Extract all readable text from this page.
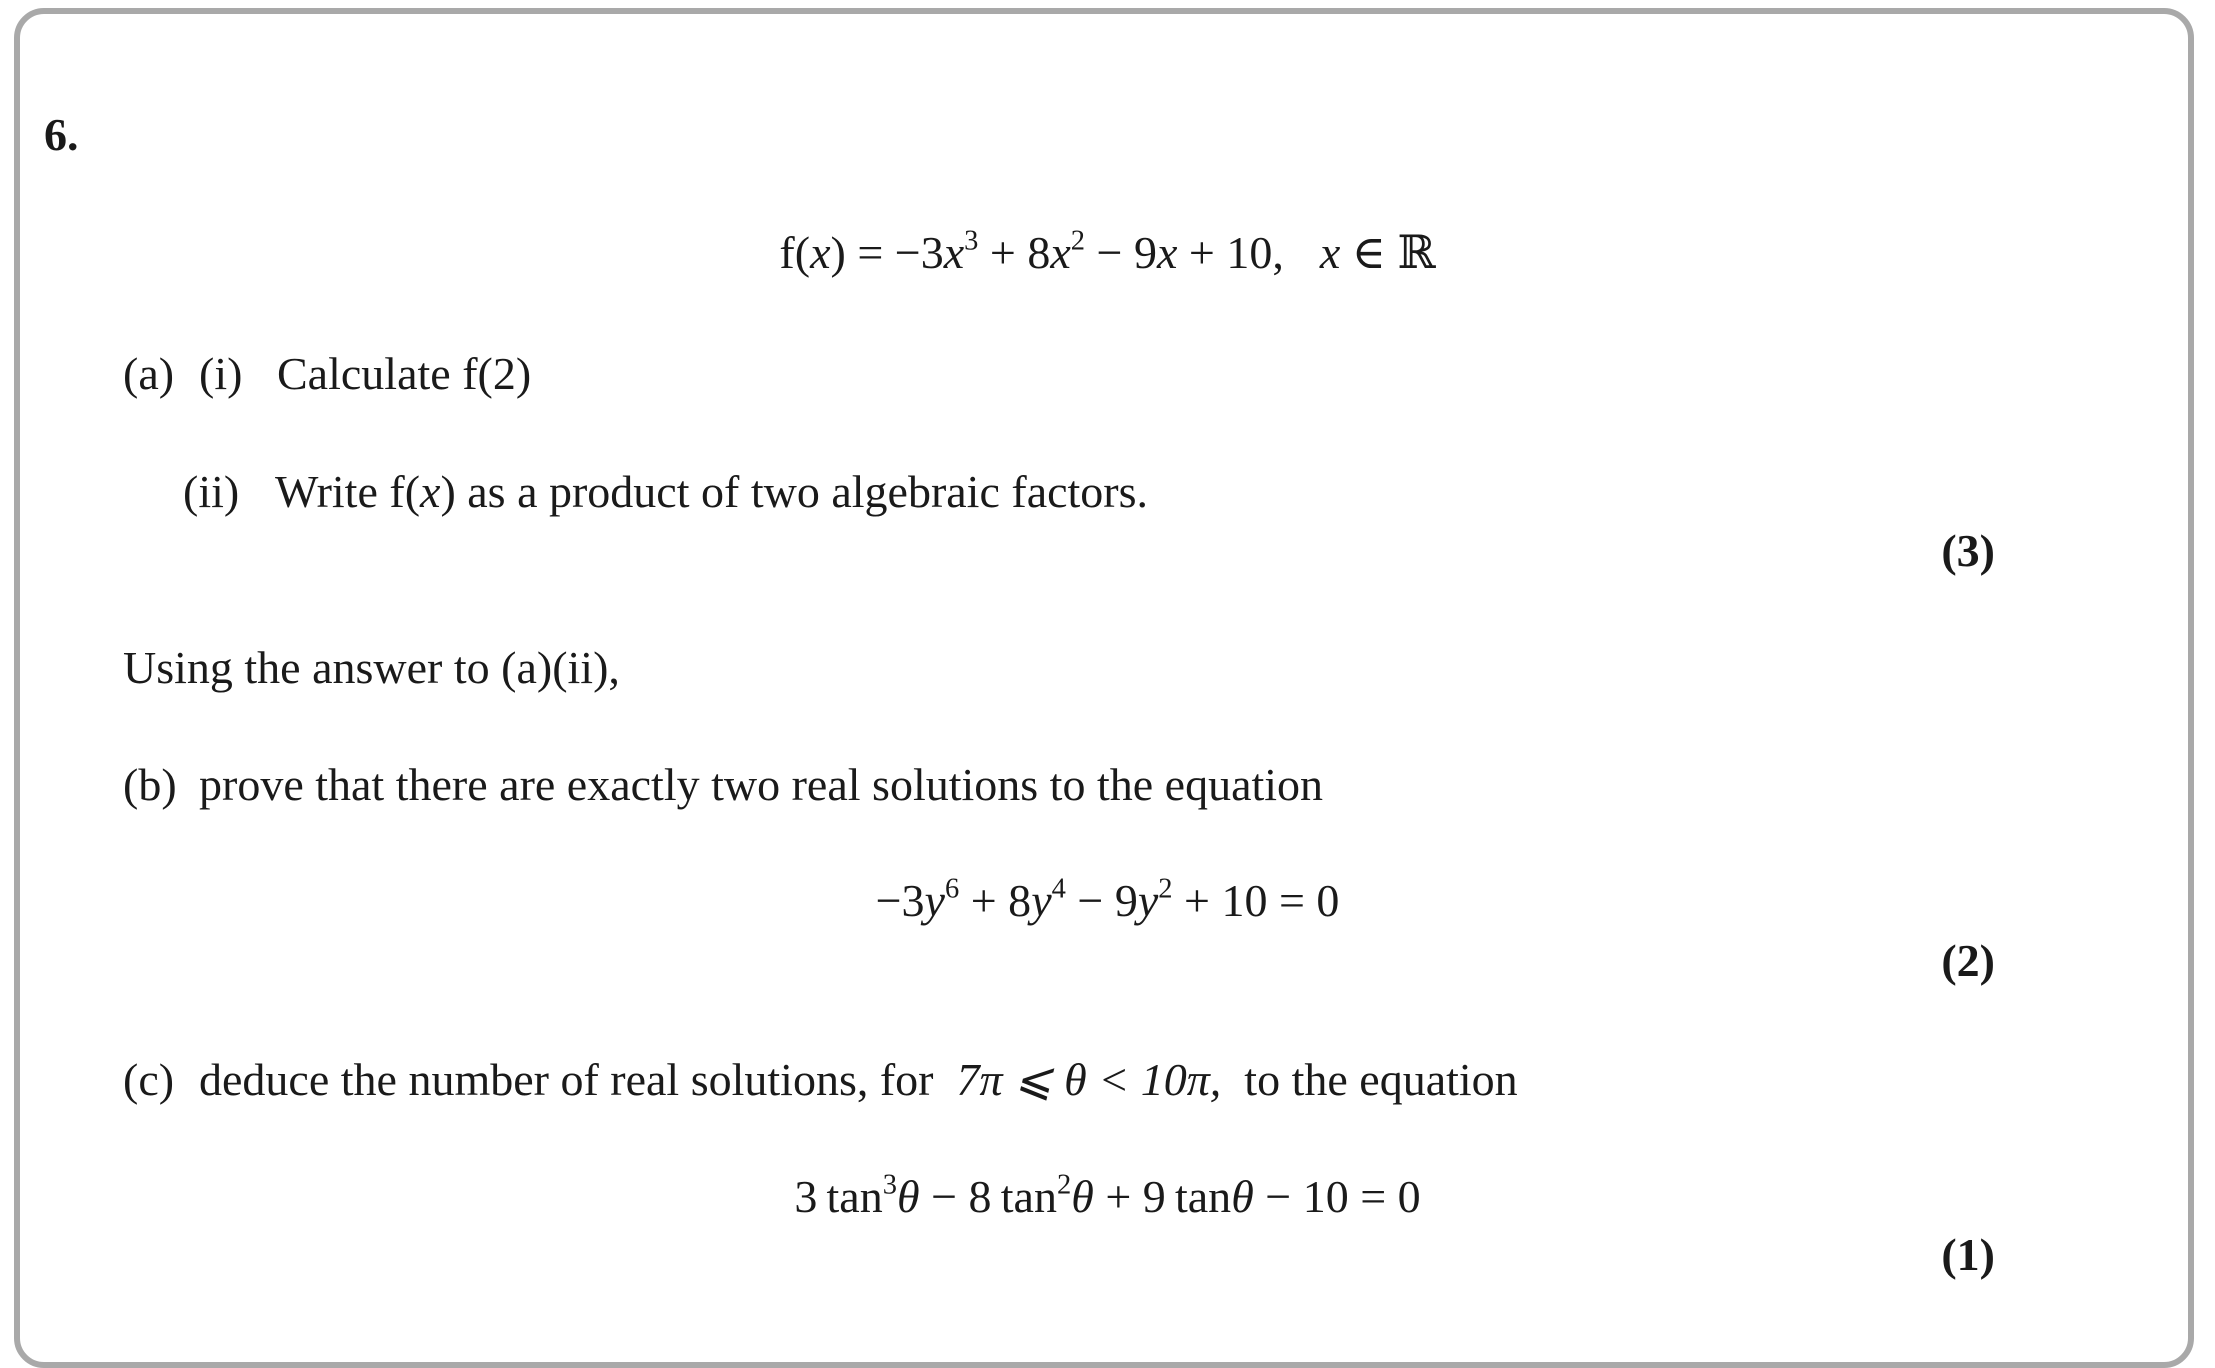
6.
$f(x) = -3x^3 + 8x^2 - 9x + 10$, x ∈ ℝ
(a) (i) Calculate f(2)
(ii) Write f(x) as a product of two algebraic factors.
(3)
Using the answer to (a)(ii),
(b) prove that there are exactly two real solutions to the equation
$-3y^6 + 8y^4 - 9y^2 + 10 = 0$
(2)
(c) deduce the number of real solutions, for 7π ⩽ θ < 10π, to the equation
3 $\tan^3\theta - 8$ $\tan^2\theta + 9$ tanθ − 10 = 0
(1)
